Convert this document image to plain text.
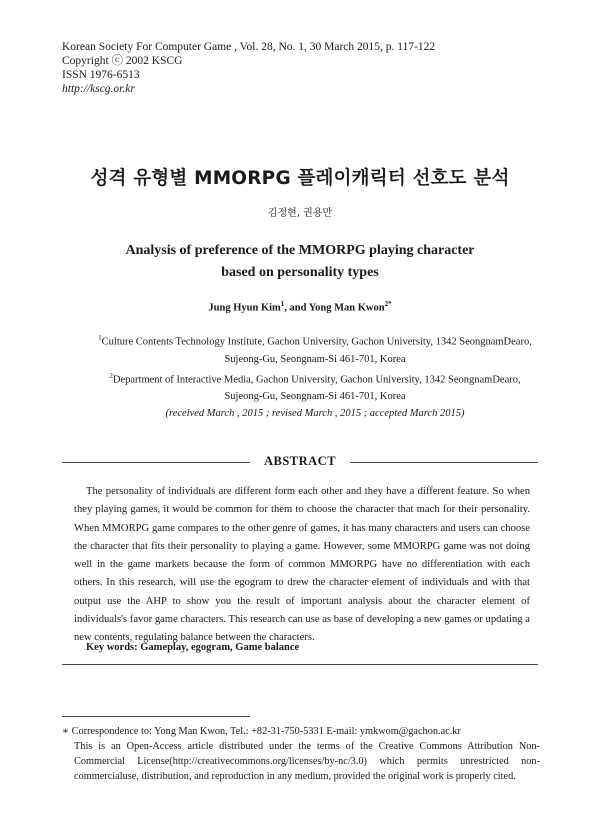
Korean Society For Computer Game , Vol. 28, No. 1, 30 March 2015, p. 117-122
Copyright ⓒ 2002 KSCG
ISSN 1976-6513
http://kscg.or.kr
성격 유형별 MMORPG 플레이캐릭터 선호도 분석
김정현, 권용만
Analysis of preference of the MMORPG playing character
based on personality types
Jung Hyun Kim$^1$, and Yong Man Kwon$^{2*}$
$^1$Culture Contents Technology Institute, Gachon University, Gachon University, 1342 SeongnamDearo,
Sujeong-Gu, Seongnam-Si 461-701, Korea
$^2$Department of Interactive Media, Gachon University, Gachon University, 1342 SeongnamDearo,
Sujeong-Gu, Seongnam-Si 461-701, Korea
(received March , 2015 ; revised March , 2015 ; accepted March 2015)
ABSTRACT
The personality of individuals are different form each other and they have a different feature. So when they playing games, it would be common for them to choose the character that mach for their personality. When MMORPG game compares to the other genre of games, it has many characters and users can choose the character that fits their personality to playing a game. However, some MMORPG game was not doing well in the game markets because the form of common MMORPG have no differentiation with each others. In this research, will use the egogram to drew the character element of individuals and with that output use the AHP to show you the result of important analysis about the character element of individuals's favor game characters. This research can use as base of developing a new games or updating a new contents, regulating balance between the characters.
Key words: Gameplay, egogram, Game balance
∗ Correspondence to: Yong Man Kwon, Tel.: +82-31-750-5331 E-mail: ymkwom@gachon.ac.kr
This is an Open-Access article distributed under the terms of the Creative Commons Attribution Non-Commercial License(http://creativecommons.org/licenses/by-nc/3.0) which permits unrestricted non-commercialuse, distribution, and reproduction in any medium, provided the original work is properly cited.
